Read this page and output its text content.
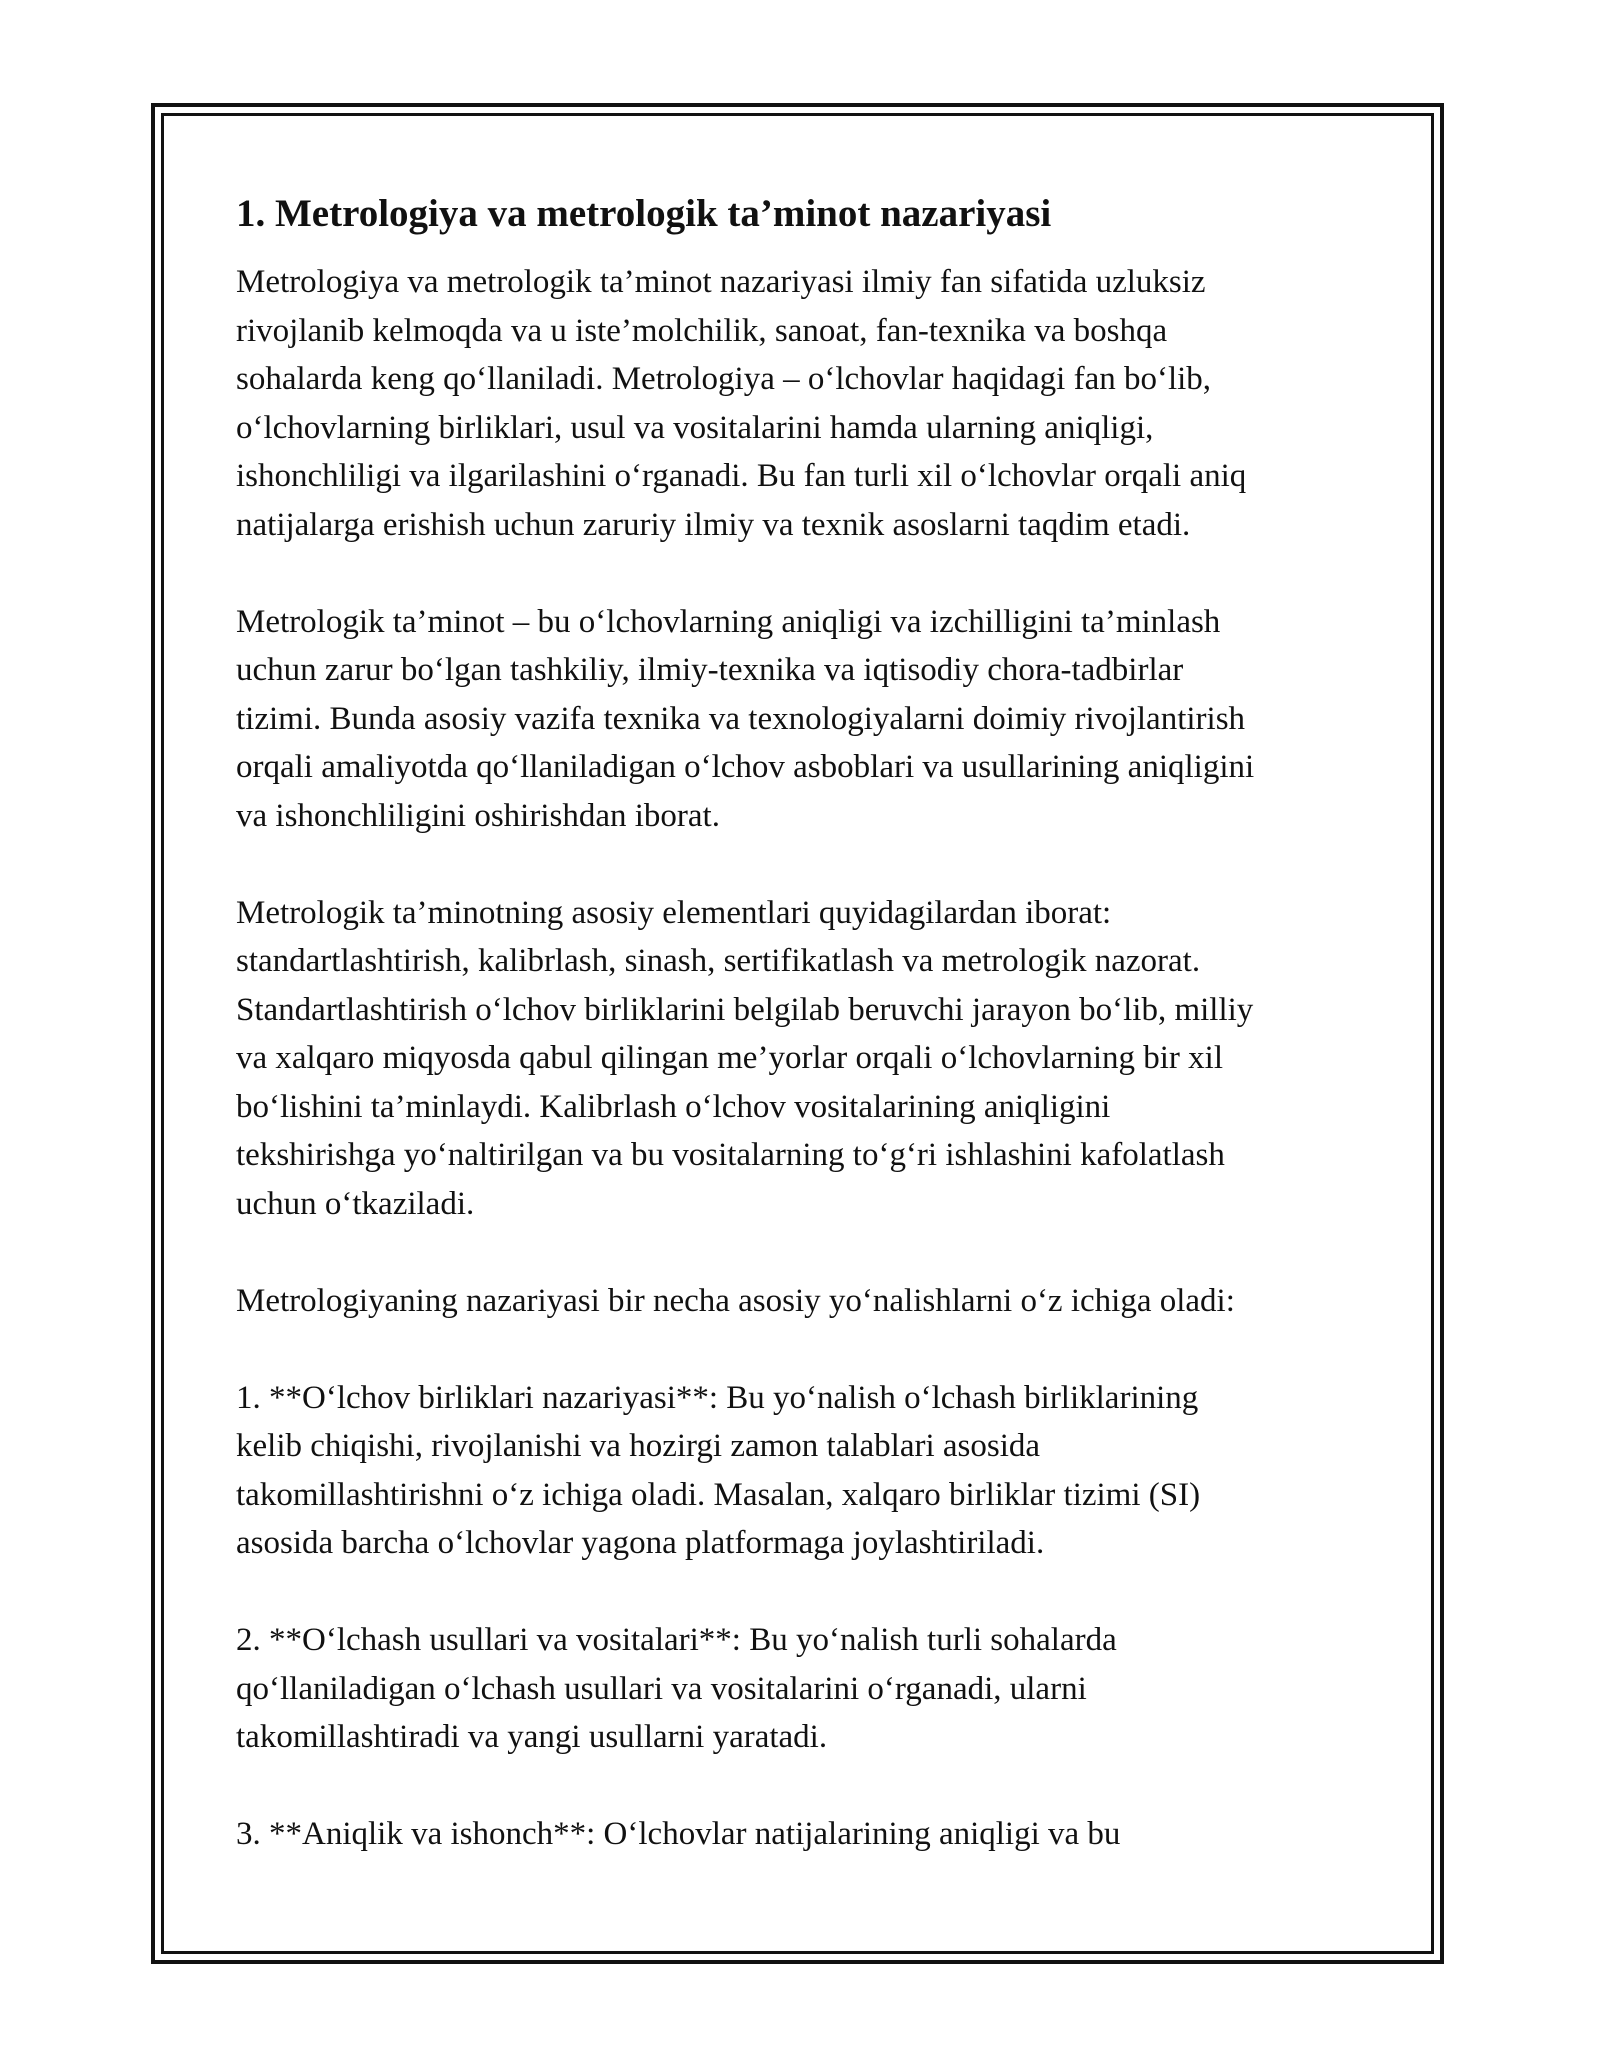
1. Metrologiya va metrologik ta’minot nazariyasi
Metrologiya va metrologik ta’minot nazariyasi ilmiy fan sifatida uzluksiz
rivojlanib kelmoqda va u iste’molchilik, sanoat, fan-texnika va boshqa
sohalarda keng qo‘llaniladi. Metrologiya – o‘lchovlar haqidagi fan bo‘lib,
o‘lchovlarning birliklari, usul va vositalarini hamda ularning aniqligi,
ishonchliligi va ilgarilashini o‘rganadi. Bu fan turli xil o‘lchovlar orqali aniq
natijalarga erishish uchun zaruriy ilmiy va texnik asoslarni taqdim etadi.
Metrologik ta’minot – bu o‘lchovlarning aniqligi va izchilligini ta’minlash
uchun zarur bo‘lgan tashkiliy, ilmiy-texnika va iqtisodiy chora-tadbirlar
tizimi. Bunda asosiy vazifa texnika va texnologiyalarni doimiy rivojlantirish
orqali amaliyotda qo‘llaniladigan o‘lchov asboblari va usullarining aniqligini
va ishonchliligini oshirishdan iborat.
Metrologik ta’minotning asosiy elementlari quyidagilardan iborat:
standartlashtirish, kalibrlash, sinash, sertifikatlash va metrologik nazorat.
Standartlashtirish o‘lchov birliklarini belgilab beruvchi jarayon bo‘lib, milliy
va xalqaro miqyosda qabul qilingan me’yorlar orqali o‘lchovlarning bir xil
bo‘lishini ta’minlaydi. Kalibrlash o‘lchov vositalarining aniqligini
tekshirishga yo‘naltirilgan va bu vositalarning to‘g‘ri ishlashini kafolatlash
uchun o‘tkaziladi.
Metrologiyaning nazariyasi bir necha asosiy yo‘nalishlarni o‘z ichiga oladi:
1. **O‘lchov birliklari nazariyasi**: Bu yo‘nalish o‘lchash birliklarining
kelib chiqishi, rivojlanishi va hozirgi zamon talablari asosida
takomillashtirishni o‘z ichiga oladi. Masalan, xalqaro birliklar tizimi (SI)
asosida barcha o‘lchovlar yagona platformaga joylashtiriladi.
2. **O‘lchash usullari va vositalari**: Bu yo‘nalish turli sohalarda
qo‘llaniladigan o‘lchash usullari va vositalarini o‘rganadi, ularni
takomillashtiradi va yangi usullarni yaratadi.
3. **Aniqlik va ishonch**: O‘lchovlar natijalarining aniqligi va bu
